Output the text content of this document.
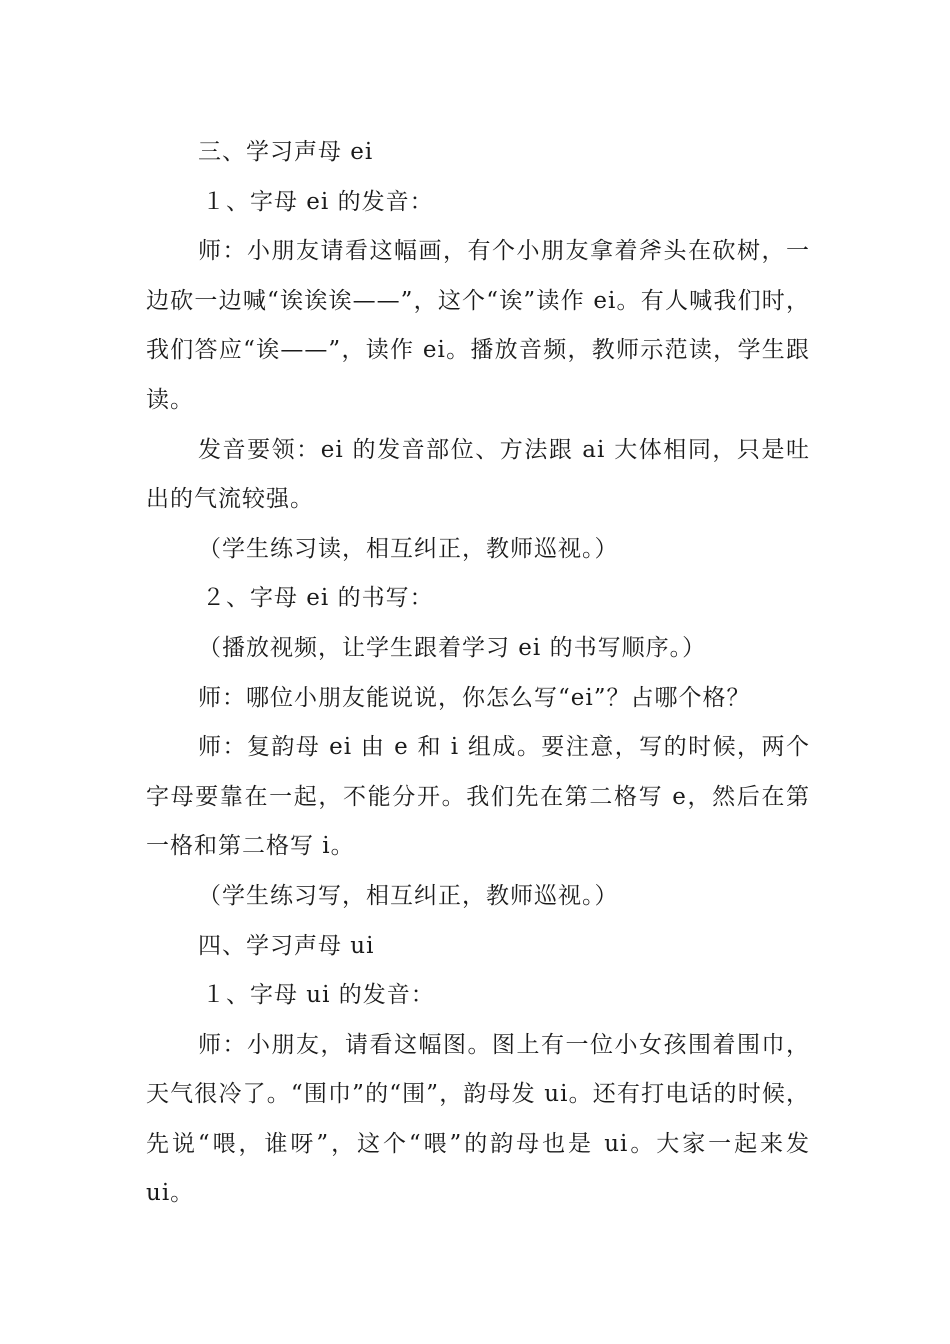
三、学习声母 ei

１、字母 ei 的发音：

师：小朋友请看这幅画，有个小朋友拿着斧头在砍树，一边砍一边喊“诶诶诶——”，这个“诶”读作 ei。有人喊我们时，我们答应“诶——”，读作 ei。播放音频，教师示范读，学生跟读。

发音要领：ei 的发音部位、方法跟 ai 大体相同，只是吐出的气流较强。

（学生练习读，相互纠正，教师巡视。）

２、字母 ei 的书写：

（播放视频，让学生跟着学习 ei 的书写顺序。）

师：哪位小朋友能说说，你怎么写“ei”？占哪个格？

师：复韵母 ei 由 e 和 i 组成。要注意，写的时候，两个字母要靠在一起，不能分开。我们先在第二格写 e，然后在第一格和第二格写 i。

（学生练习写，相互纠正，教师巡视。）

四、学习声母 ui

１、字母 ui 的发音：

师：小朋友，请看这幅图。图上有一位小女孩围着围巾，天气很冷了。“围巾”的“围”，韵母发 ui。还有打电话的时候，先说“喂，谁呀”，这个“喂”的韵母也是 ui。大家一起来发 ui。
